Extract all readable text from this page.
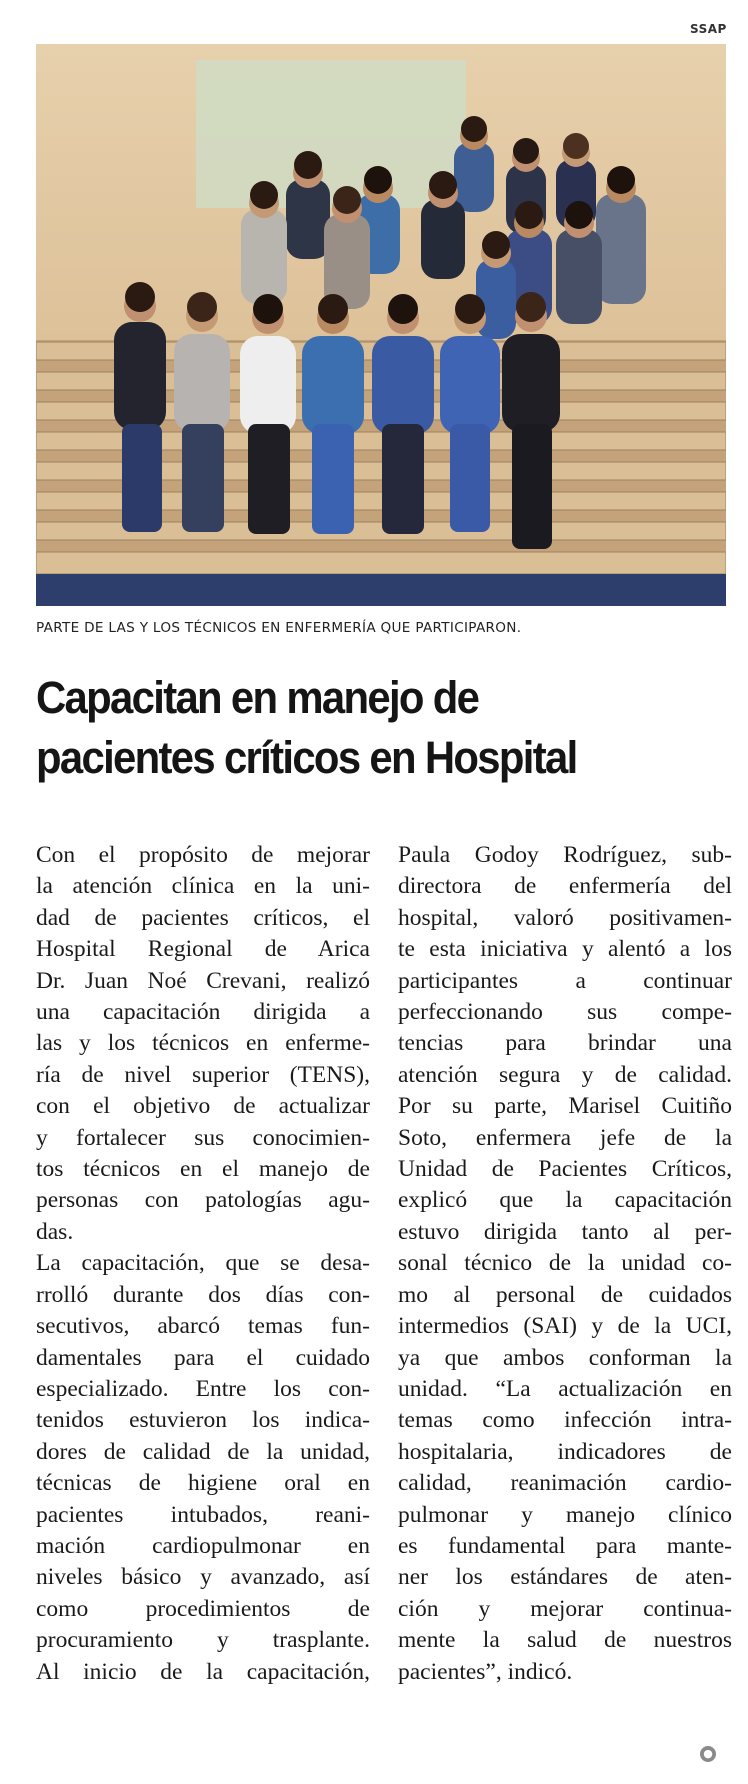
SSAP
PARTE DE LAS Y LOS TÉCNICOS EN ENFERMERÍA QUE PARTICIPARON.
Capacitan en manejo de
pacientes críticos en Hospital
Con el propósito de mejorar
la atención clínica en la uni-
dad de pacientes críticos, el
Hospital Regional de Arica
Dr. Juan Noé Crevani, realizó
una capacitación dirigida a
las y los técnicos en enferme-
ría de nivel superior (TENS),
con el objetivo de actualizar
y fortalecer sus conocimien-
tos técnicos en el manejo de
personas con patologías agu-
das.
La capacitación, que se desa-
rrolló durante dos días con-
secutivos, abarcó temas fun-
damentales para el cuidado
especializado. Entre los con-
tenidos estuvieron los indica-
dores de calidad de la unidad,
técnicas de higiene oral en
pacientes intubados, reani-
mación cardiopulmonar en
niveles básico y avanzado, así
como procedimientos de
procuramiento y trasplante.
Al inicio de la capacitación,
Paula Godoy Rodríguez, sub-
directora de enfermería del
hospital, valoró positivamen-
te esta iniciativa y alentó a los
participantes a continuar
perfeccionando sus compe-
tencias para brindar una
atención segura y de calidad.
Por su parte, Marisel Cuitiño
Soto, enfermera jefe de la
Unidad de Pacientes Críticos,
explicó que la capacitación
estuvo dirigida tanto al per-
sonal técnico de la unidad co-
mo al personal de cuidados
intermedios (SAI) y de la UCI,
ya que ambos conforman la
unidad. “La actualización en
temas como infección intra-
hospitalaria, indicadores de
calidad, reanimación cardio-
pulmonar y manejo clínico
es fundamental para mante-
ner los estándares de aten-
ción y mejorar continua-
mente la salud de nuestros
pacientes”, indicó.
●
